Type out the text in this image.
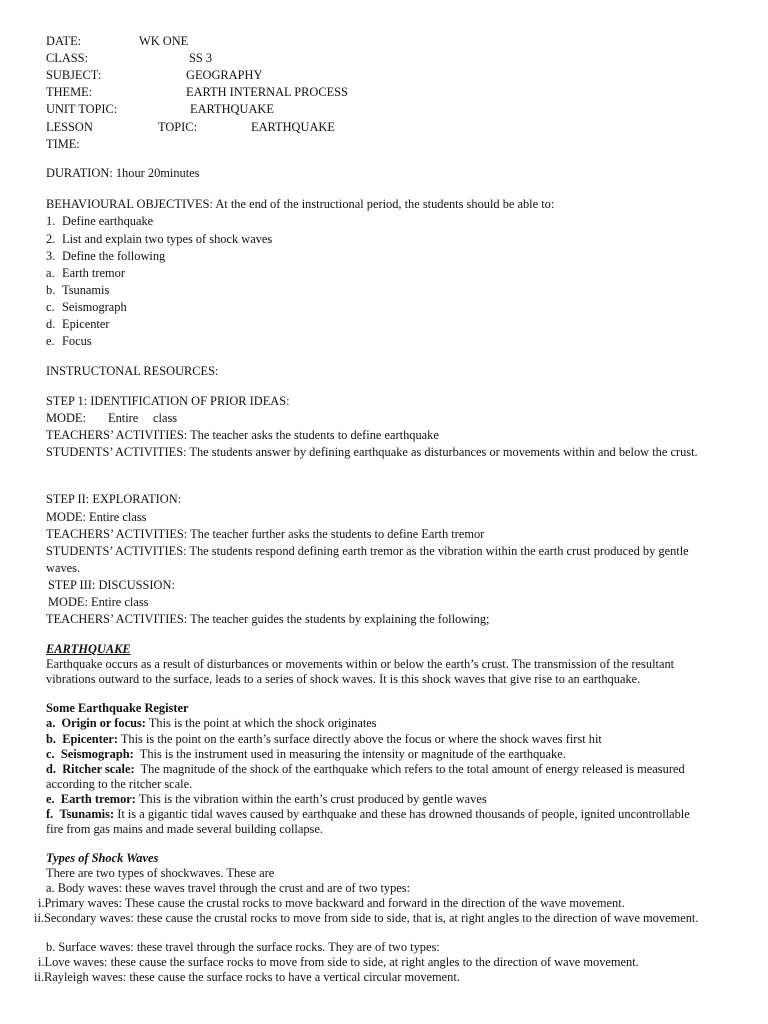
DATE:	WK ONE
CLASS:	SS 3
SUBJECT:	GEOGRAPHY
THEME:	EARTH INTERNAL PROCESS
UNIT TOPIC:	EARTHQUAKE
LESSON	TOPIC:	EARTHQUAKE
TIME:
DURATION: 1hour 20minutes
BEHAVIOURAL OBJECTIVES: At the end of the instructional period, the students should be able to:
1. Define earthquake
2. List and explain two types of shock waves
3. Define the following
a. Earth tremor
b. Tsunamis
c. Seismograph
d. Epicenter
e. Focus
INSTRUCTONAL RESOURCES:
STEP 1: IDENTIFICATION OF PRIOR IDEAS:
MODE: Entire class
TEACHERS’ ACTIVITIES: The teacher asks the students to define earthquake
STUDENTS’ ACTIVITIES: The students answer by defining earthquake as disturbances or movements within and below the crust.
STEP II: EXPLORATION:
MODE: Entire class
TEACHERS’ ACTIVITIES: The teacher further asks the students to define Earth tremor
STUDENTS’ ACTIVITIES: The students respond defining earth tremor as the vibration within the earth crust produced by gentle
waves.
STEP III: DISCUSSION:
MODE: Entire class
TEACHERS’ ACTIVITIES: The teacher guides the students by explaining the following;
EARTHQUAKE
Earthquake occurs as a result of disturbances or movements within or below the earth’s crust. The transmission of the resultant
vibrations outward to the surface, leads to a series of shock waves. It is this shock waves that give rise to an earthquake.
Some Earthquake Register
a. Origin or focus: This is the point at which the shock originates
b. Epicenter: This is the point on the earth’s surface directly above the focus or where the shock waves first hit
c. Seismograph: This is the instrument used in measuring the intensity or magnitude of the earthquake.
d. Ritcher scale: The magnitude of the shock of the earthquake which refers to the total amount of energy released is measured
according to the ritcher scale.
e. Earth tremor: This is the vibration within the earth’s crust produced by gentle waves
f. Tsunamis: It is a gigantic tidal waves caused by earthquake and these has drowned thousands of people, ignited uncontrollable
fire from gas mains and made several building collapse.
Types of Shock Waves
There are two types of shockwaves. These are
a. Body waves: these waves travel through the crust and are of two types:
i.Primary waves: These cause the crustal rocks to move backward and forward in the direction of the wave movement.
ii.Secondary waves: these cause the crustal rocks to move from side to side, that is, at right angles to the direction of wave movement.
b. Surface waves: these travel through the surface rocks. They are of two types:
i.Love waves: these cause the surface rocks to move from side to side, at right angles to the direction of wave movement.
ii.Rayleigh waves: these cause the surface rocks to have a vertical circular movement.
